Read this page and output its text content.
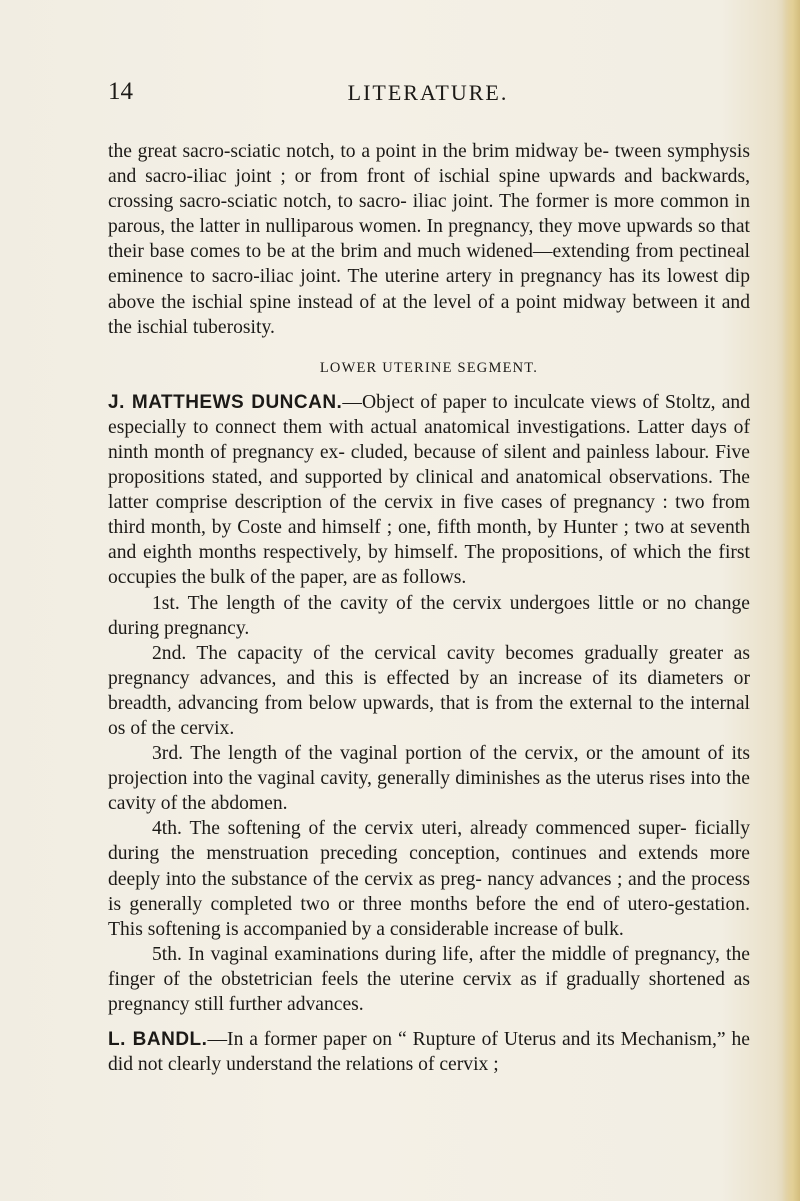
14	LITERATURE.

the great sacro-sciatic notch, to a point in the brim midway be- tween symphysis and sacro-iliac joint ; or from front of ischial spine upwards and backwards, crossing sacro-sciatic notch, to sacro- iliac joint. The former is more common in parous, the latter in nulliparous women. In pregnancy, they move upwards so that their base comes to be at the brim and much widened—extending from pectineal eminence to sacro-iliac joint. The uterine artery in pregnancy has its lowest dip above the ischial spine instead of at the level of a point midway between it and the ischial tuberosity.

LOWER UTERINE SEGMENT.

J. MATTHEWS DUNCAN.—Object of paper to inculcate views of Stoltz, and especially to connect them with actual anatomical investigations. Latter days of ninth month of pregnancy ex- cluded, because of silent and painless labour. Five propositions stated, and supported by clinical and anatomical observations. The latter comprise description of the cervix in five cases of pregnancy : two from third month, by Coste and himself ; one, fifth month, by Hunter ; two at seventh and eighth months respectively, by himself. The propositions, of which the first occupies the bulk of the paper, are as follows.

1st. The length of the cavity of the cervix undergoes little or no change during pregnancy.

2nd. The capacity of the cervical cavity becomes gradually greater as pregnancy advances, and this is effected by an increase of its diameters or breadth, advancing from below upwards, that is from the external to the internal os of the cervix.

3rd. The length of the vaginal portion of the cervix, or the amount of its projection into the vaginal cavity, generally diminishes as the uterus rises into the cavity of the abdomen.

4th. The softening of the cervix uteri, already commenced super- ficially during the menstruation preceding conception, continues and extends more deeply into the substance of the cervix as preg- nancy advances ; and the process is generally completed two or three months before the end of utero-gestation. This softening is accompanied by a considerable increase of bulk.

5th. In vaginal examinations during life, after the middle of pregnancy, the finger of the obstetrician feels the uterine cervix as if gradually shortened as pregnancy still further advances.

L. BANDL.—In a former paper on “ Rupture of Uterus and its Mechanism,” he did not clearly understand the relations of cervix ;
